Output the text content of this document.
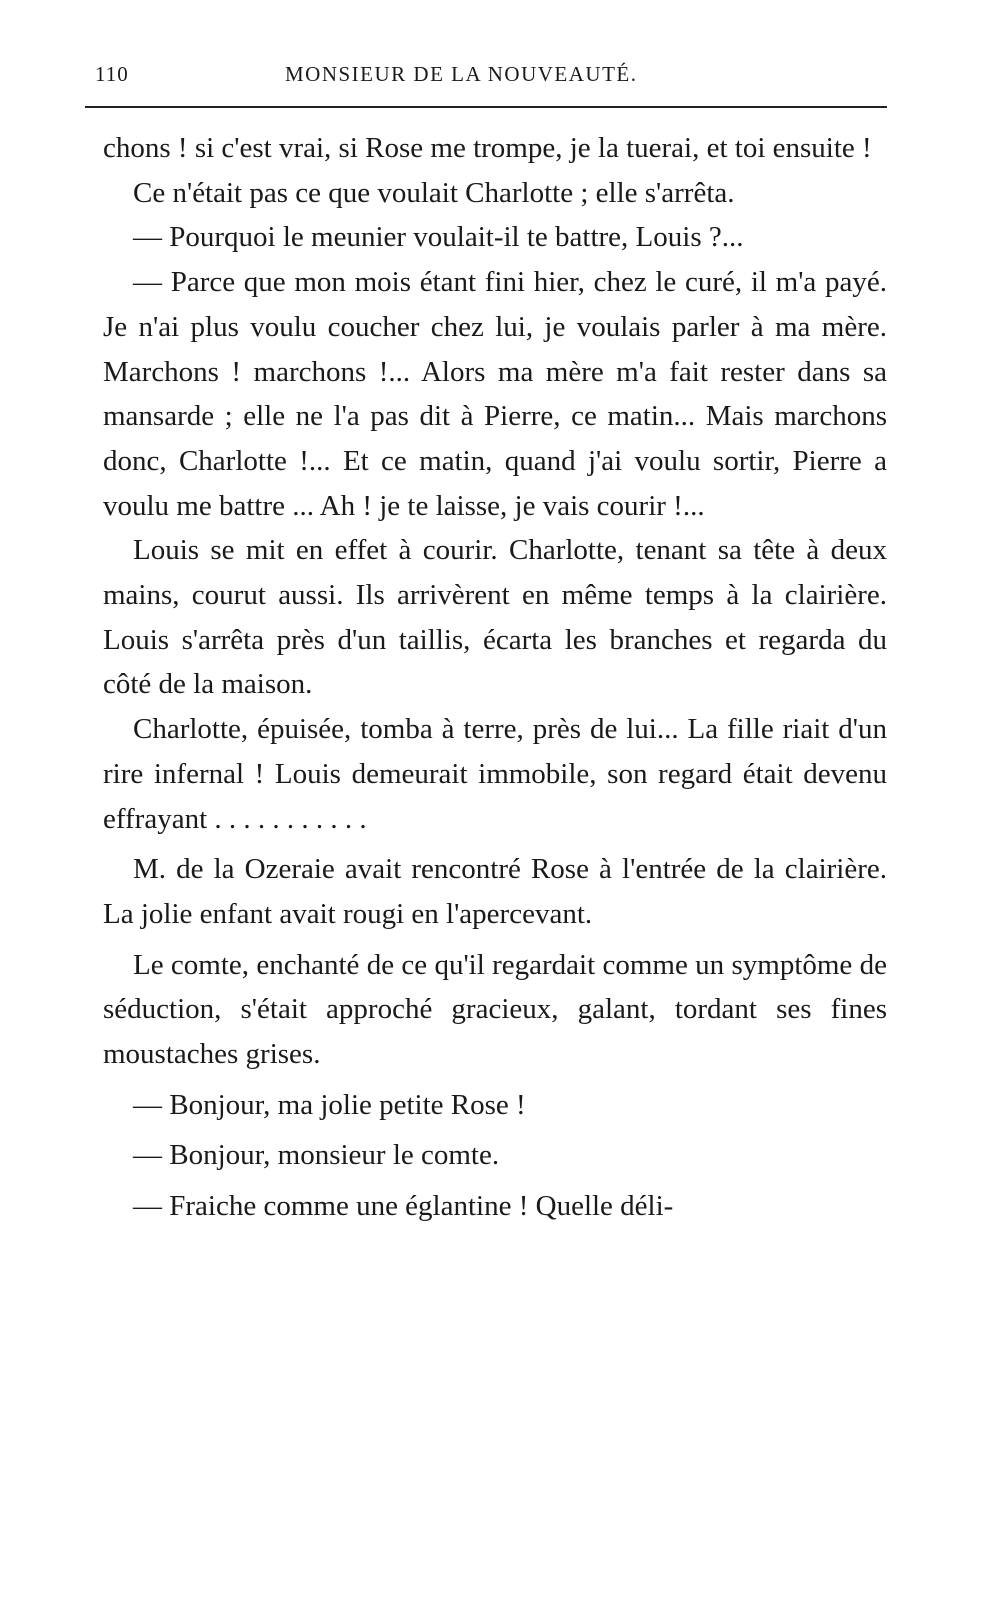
110	MONSIEUR DE LA NOUVEAUTÉ.

chons ! si c'est vrai, si Rose me trompe, je la tuerai, et toi ensuite !

Ce n'était pas ce que voulait Charlotte ; elle s'arrêta.

— Pourquoi le meunier voulait-il te battre, Louis ?...

— Parce que mon mois étant fini hier, chez le curé, il m'a payé. Je n'ai plus voulu coucher chez lui, je voulais parler à ma mère. Marchons ! marchons !... Alors ma mère m'a fait rester dans sa mansarde ; elle ne l'a pas dit à Pierre, ce matin... Mais marchons donc, Charlotte !... Et ce matin, quand j'ai voulu sortir, Pierre a voulu me battre ... Ah ! je te laisse, je vais courir !...

Louis se mit en effet à courir. Charlotte, tenant sa tête à deux mains, courut aussi. Ils arrivèrent en même temps à la clairière. Louis s'arrêta près d'un taillis, écarta les branches et regarda du côté de la maison.

Charlotte, épuisée, tomba à terre, près de lui... La fille riait d'un rire infernal ! Louis demeurait immobile, son regard était devenu effrayant . . . . . . . . . . .

M. de la Ozeraie avait rencontré Rose à l'entrée de la clairière. La jolie enfant avait rougi en l'apercevant.

Le comte, enchanté de ce qu'il regardait comme un symptôme de séduction, s'était approché gracieux, galant, tordant ses fines moustaches grises.

— Bonjour, ma jolie petite Rose !

— Bonjour, monsieur le comte.

— Fraiche comme une églantine ! Quelle déli-
